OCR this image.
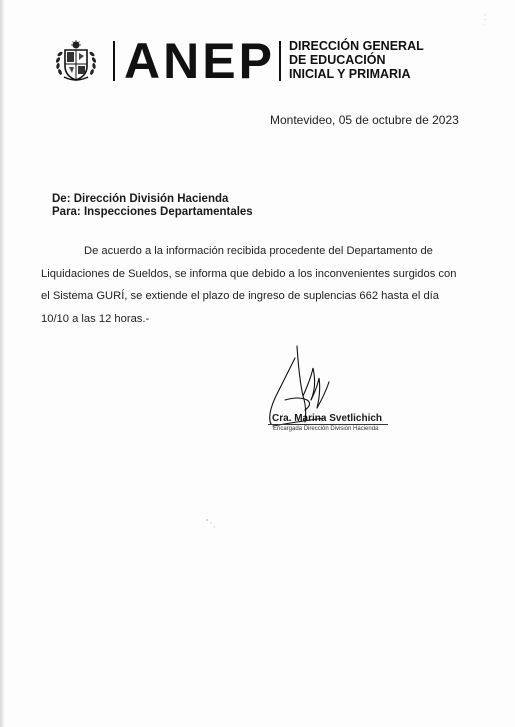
ANEP DIRECCIÓN GENERAL
DE EDUCACIÓN
INICIAL Y PRIMARIA
▫
··
·
Montevideo, 05 de octubre de 2023
De: Dirección División Hacienda
Para: Inspecciones Departamentales
De acuerdo a la información recibida procedente del Departamento de
Liquidaciones de Sueldos, se informa que debido a los inconvenientes surgidos con
el Sistema GURÍ, se extiende el plazo de ingreso de suplencias 662 hasta el día
10/10 a las 12 horas.-
Cra. Marina Svetlichich
Encargada Dirección División Hacienda
